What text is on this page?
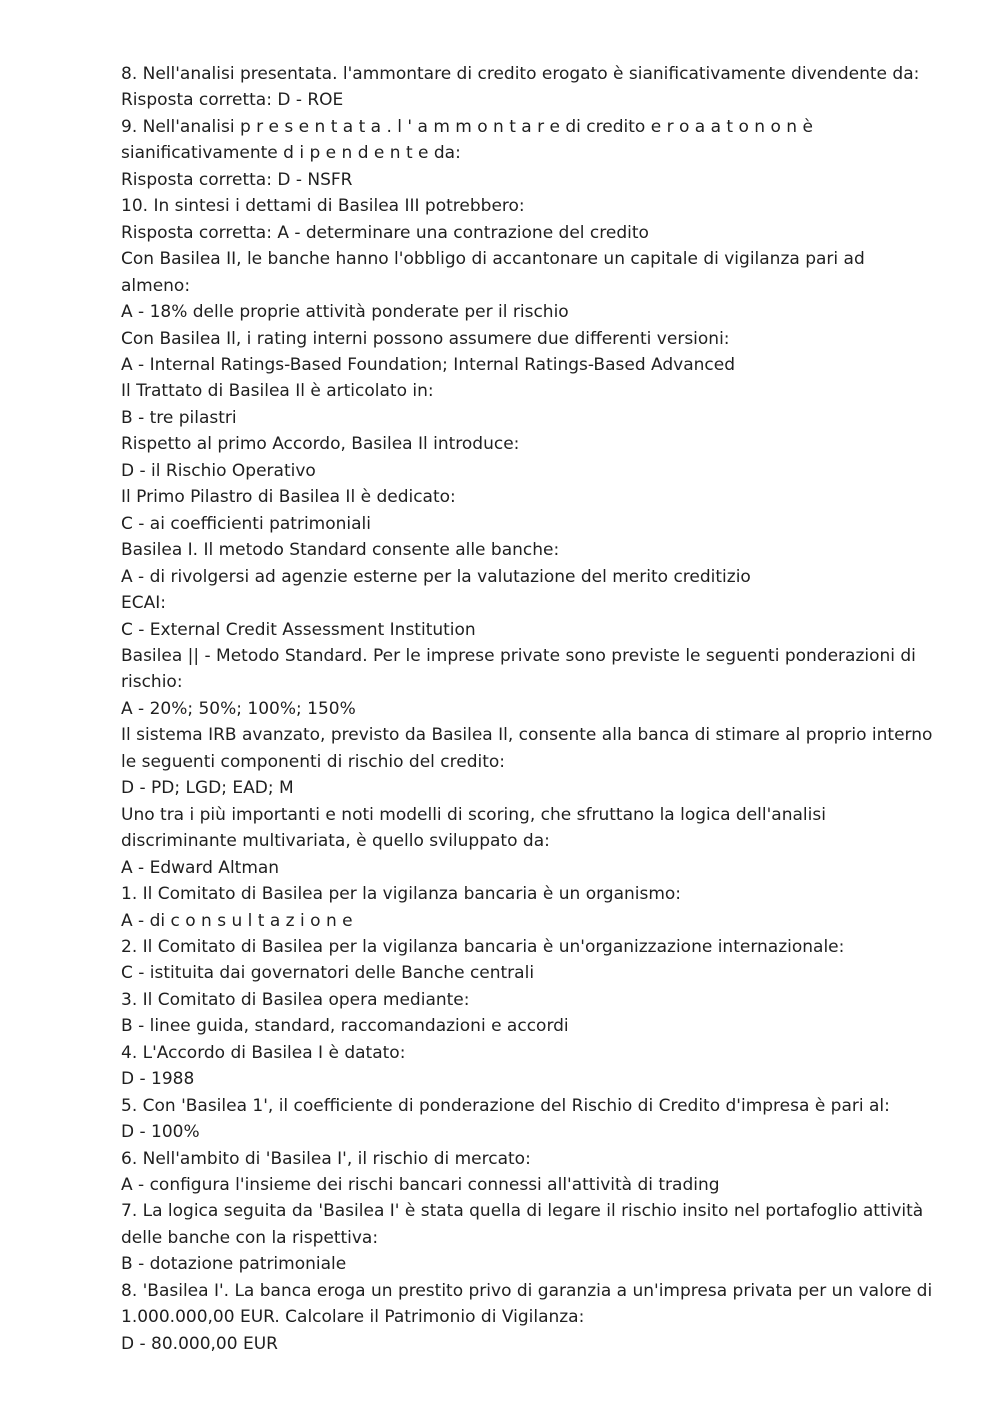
8. Nell'analisi presentata. l'ammontare di credito erogato è sianificativamente divendente da:
Risposta corretta: D - ROE
9. Nell'analisi p r e s e n t a t a . l ' a m m o n t a r e di credito e r o a a t o n o n è sianificativamente d i p e n d e n t e da:
Risposta corretta: D - NSFR
10. In sintesi i dettami di Basilea III potrebbero:
Risposta corretta: A - determinare una contrazione del credito
Con Basilea II, le banche hanno l'obbligo di accantonare un capitale di vigilanza pari ad almeno:
A - 18% delle proprie attività ponderate per il rischio
Con Basilea Il, i rating interni possono assumere due differenti versioni:
A - Internal Ratings-Based Foundation; Internal Ratings-Based Advanced
Il Trattato di Basilea Il è articolato in:
B - tre pilastri
Rispetto al primo Accordo, Basilea Il introduce:
D - il Rischio Operativo
Il Primo Pilastro di Basilea Il è dedicato:
C - ai coefficienti patrimoniali
Basilea I. Il metodo Standard consente alle banche:
A - di rivolgersi ad agenzie esterne per la valutazione del merito creditizio
ECAI:
C - External Credit Assessment Institution
Basilea || - Metodo Standard. Per le imprese private sono previste le seguenti ponderazioni di rischio:
A - 20%; 50%; 100%; 150%
Il sistema IRB avanzato, previsto da Basilea Il, consente alla banca di stimare al proprio interno le seguenti componenti di rischio del credito:
D - PD; LGD; EAD; M
Uno tra i più importanti e noti modelli di scoring, che sfruttano la logica dell'analisi discriminante multivariata, è quello sviluppato da:
A - Edward Altman
1. Il Comitato di Basilea per la vigilanza bancaria è un organismo:
A - di c o n s u l t a z i o n e
2. Il Comitato di Basilea per la vigilanza bancaria è un'organizzazione internazionale:
C - istituita dai governatori delle Banche centrali
3. Il Comitato di Basilea opera mediante:
B - linee guida, standard, raccomandazioni e accordi
4. L'Accordo di Basilea I è datato:
D - 1988
5. Con 'Basilea 1', il coefficiente di ponderazione del Rischio di Credito d'impresa è pari al:
D - 100%
6. Nell'ambito di 'Basilea I', il rischio di mercato:
A - configura l'insieme dei rischi bancari connessi all'attività di trading
7. La logica seguita da 'Basilea I' è stata quella di legare il rischio insito nel portafoglio attività delle banche con la rispettiva:
B - dotazione patrimoniale
8. 'Basilea I'. La banca eroga un prestito privo di garanzia a un'impresa privata per un valore di 1.000.000,00 EUR. Calcolare il Patrimonio di Vigilanza:
D - 80.000,00 EUR
